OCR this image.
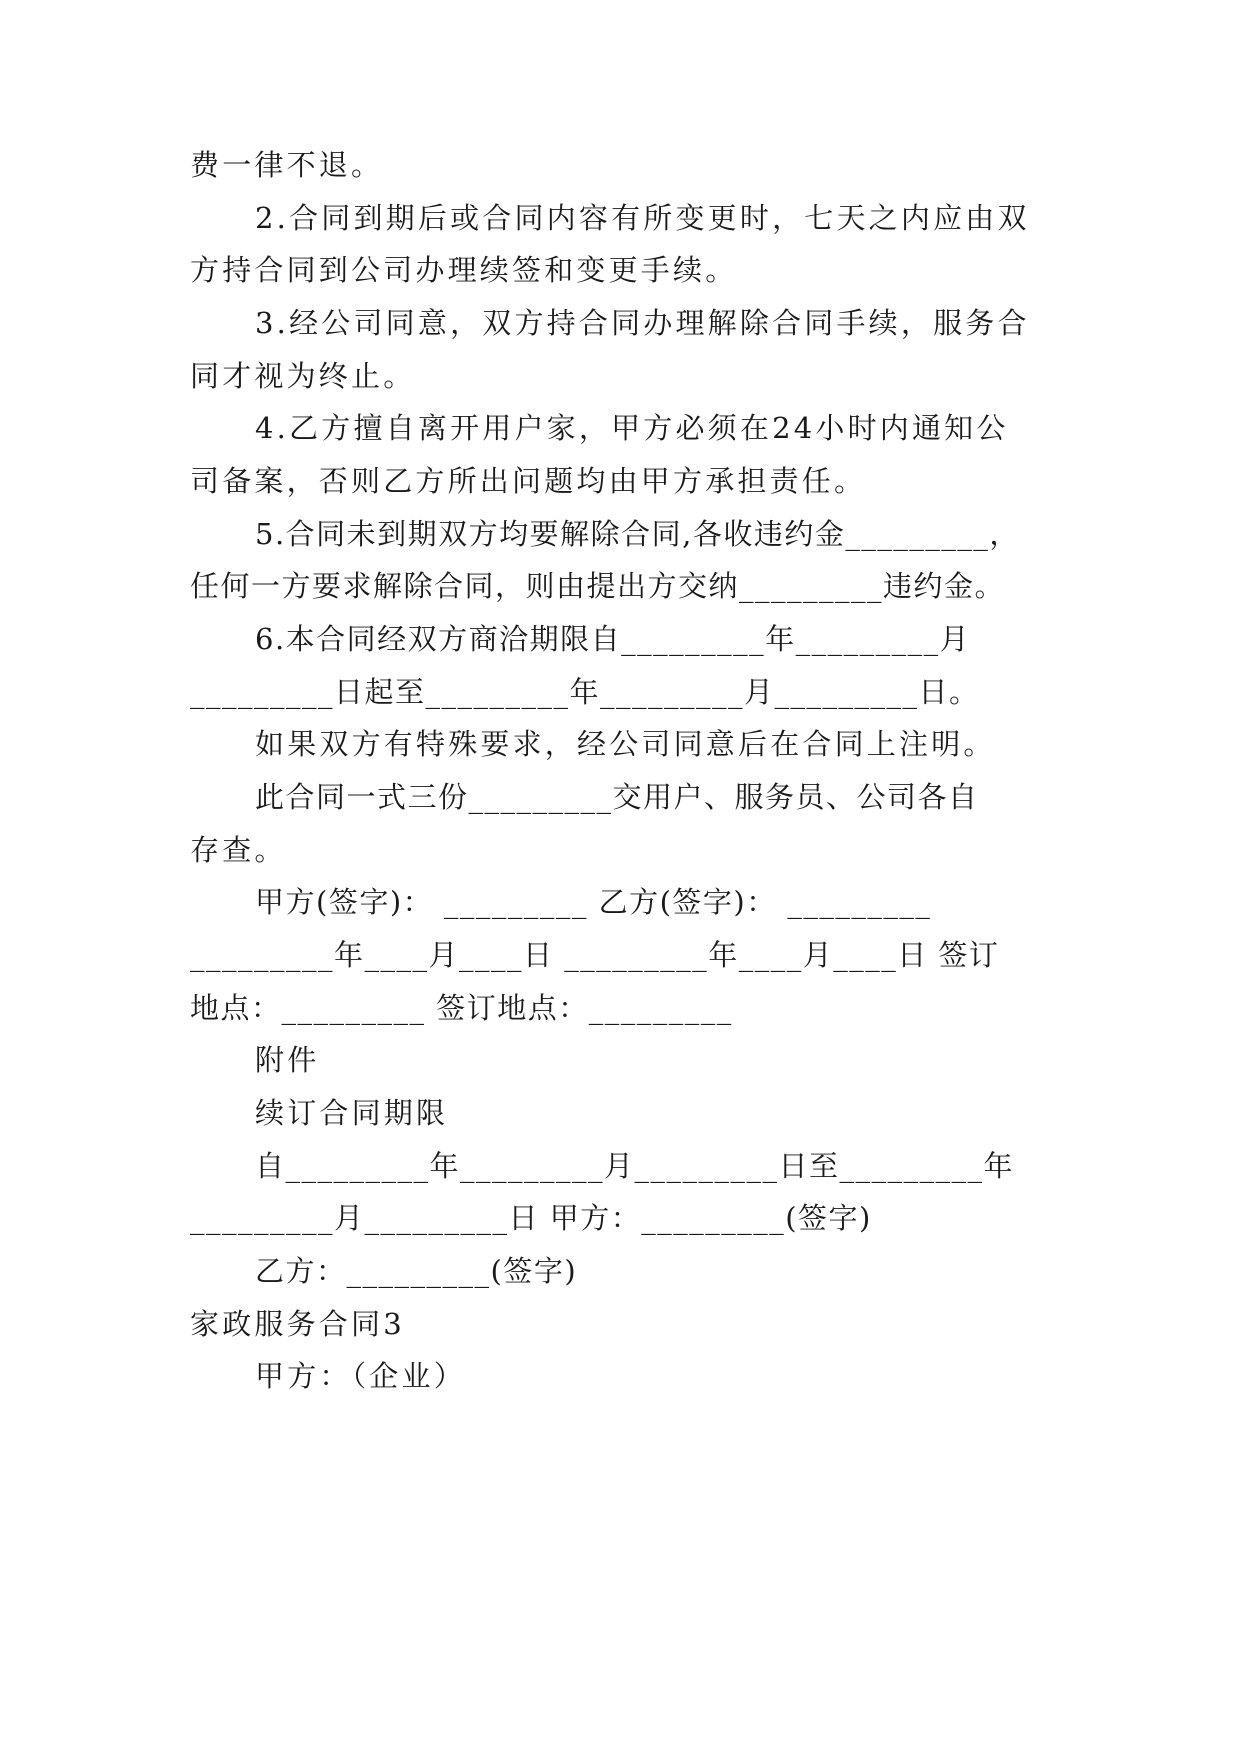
费一律不退。
2.合同到期后或合同内容有所变更时，七天之内应由双
方持合同到公司办理续签和变更手续。
3.经公司同意，双方持合同办理解除合同手续，服务合
同才视为终止。
4.乙方擅自离开用户家，甲方必须在24小时内通知公
司备案，否则乙方所出问题均由甲方承担责任。
5.合同未到期双方均要解除合同,各收违约金_________，
任何一方要求解除合同，则由提出方交纳_________违约金。
6.本合同经双方商洽期限自_________年_________月
_________日起至_________年_________月_________日。
如果双方有特殊要求，经公司同意后在合同上注明。
此合同一式三份_________交用户、服务员、公司各自
存查。
甲方(签字)： _________ 乙方(签字)： _________
_________年____月____日 _________年____月____日 签订
地点：_________ 签订地点：_________
附件
续订合同期限
自_________年_________月_________日至_________年
_________月_________日 甲方：_________(签字)
乙方：_________(签字)
家政服务合同3
甲方：（企业）
